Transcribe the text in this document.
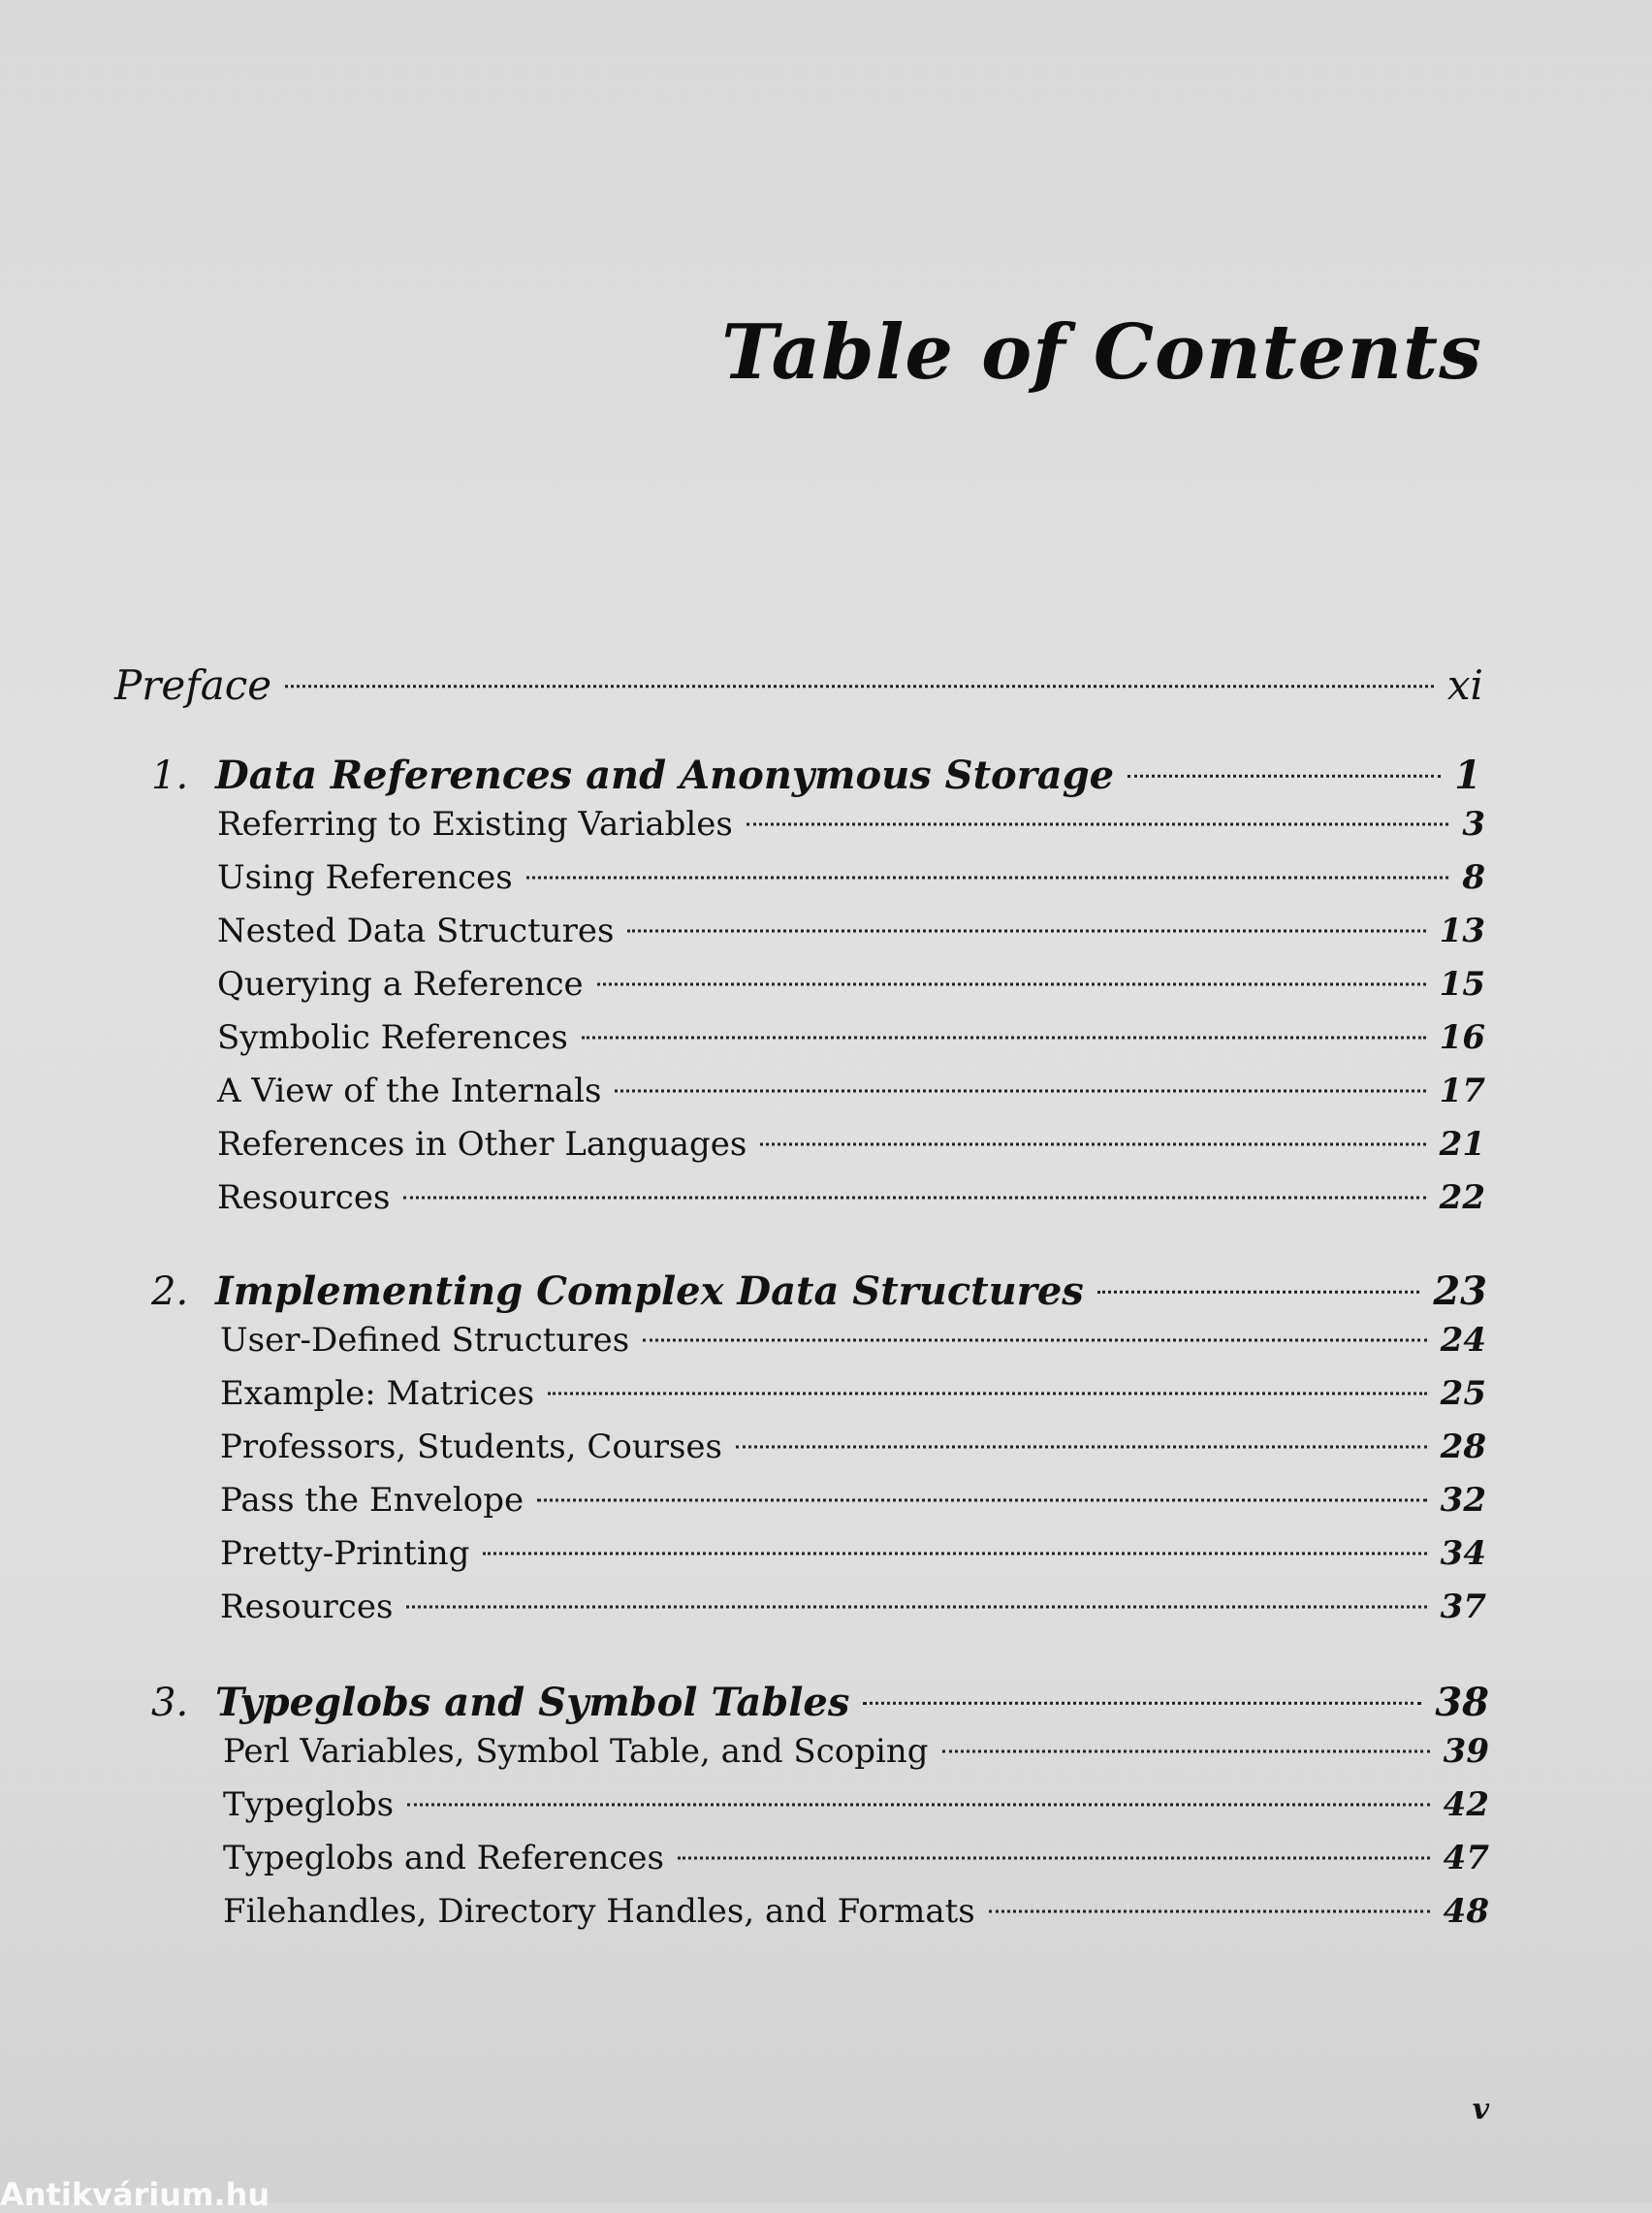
Table of Contents
Preface	xi
1. Data References and Anonymous Storage	1
Referring to Existing Variables	3
Using References	8
Nested Data Structures	13
Querying a Reference	15
Symbolic References	16
A View of the Internals	17
References in Other Languages	21
Resources	22
2. Implementing Complex Data Structures	23
User-Defined Structures	24
Example: Matrices	25
Professors, Students, Courses	28
Pass the Envelope	32
Pretty-Printing	34
Resources	37
3. Typeglobs and Symbol Tables	38
Perl Variables, Symbol Table, and Scoping	39
Typeglobs	42
Typeglobs and References	47
Filehandles, Directory Handles, and Formats	48
v
Antikvárium.hu
